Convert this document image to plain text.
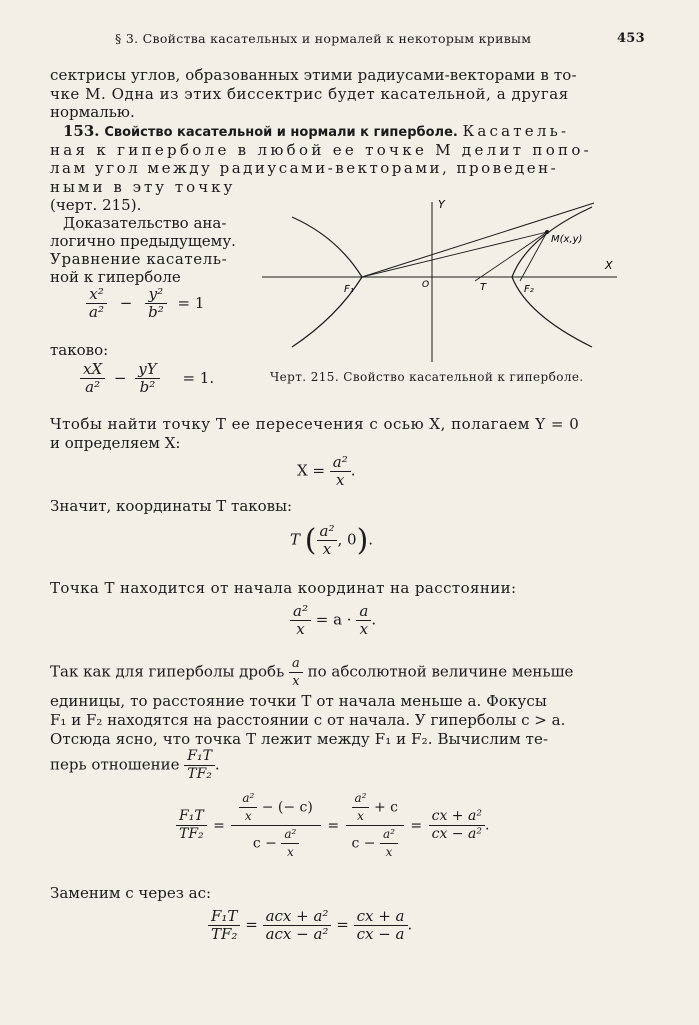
§ 3. Свойства касательных и нормалей к некоторым кривым	453
сектрисы углов, образованных этими радиусами-векторами в то-
чке М. Одна из этих биссектрис будет касательной, а другая
нормалью.
153. Свойство касательной и нормали к гиперболе. Касатель-
ная к гиперболе в любой ее точке М делит попо-
лам угол между радиусами-векторами, проведен-
ными в эту точку
(черт. 215).
Доказательство ана-
логично предыдущему.
Уравнение касатель-
ной к гиперболе
$\frac{\text{x²}}{\text{a²}} - \frac{\text{y²}}{\text{b²}} = 1$
таково:
$\frac{xX}{\text{a²}} - \frac{yY}{\text{b²}} = 1$.
Y
X
M(x,y)
F₁	F₂
O	T
Черт. 215. Свойство касательной к гиперболе.
Чтобы найти точку T ее пересечения с осью X, полагаем Y = 0
и определяем X:
$X = \frac{\text{a²}}{x}$ .
Значит, координаты T таковы:
T ( $\frac{\text{a²}}{x}$ , 0).
Точка T находится от начала координат на расстоянии:
$\frac{\text{a²}}{x} = a \cdot \frac{a}{x}$ .
Так как для гиперболы дробь $\frac{a}{x}$ по абсолютной величине меньше
единицы, то расстояние точки T от начала меньше a. Фокусы
F₁ и F₂ находятся на расстоянии c от начала. У гиперболы c > a.
Отсюда ясно, что точка T лежит между F₁ и F₂. Вычислим те-
перь отношение $\frac{\text{F₁T}}{\text{TF₂}}$ .
$\frac{\text{F₁T}}{\text{TF₂}} = \frac{\frac{\text{a²}}{x} - (- c)}{c - \frac{\text{a²}}{x}} = \frac{\frac{\text{a²}}{x} + c}{c - \frac{\text{a²}}{x}} = \frac{\text{cx + a²}}{\text{cx − a²}}$ .
Заменим c через ac:
$\frac{\text{F₁T}}{\text{TF₂}} = \frac{\text{acx + a²}}{\text{acx − a²}} = \frac{cx + a}{cx - a}$ .
